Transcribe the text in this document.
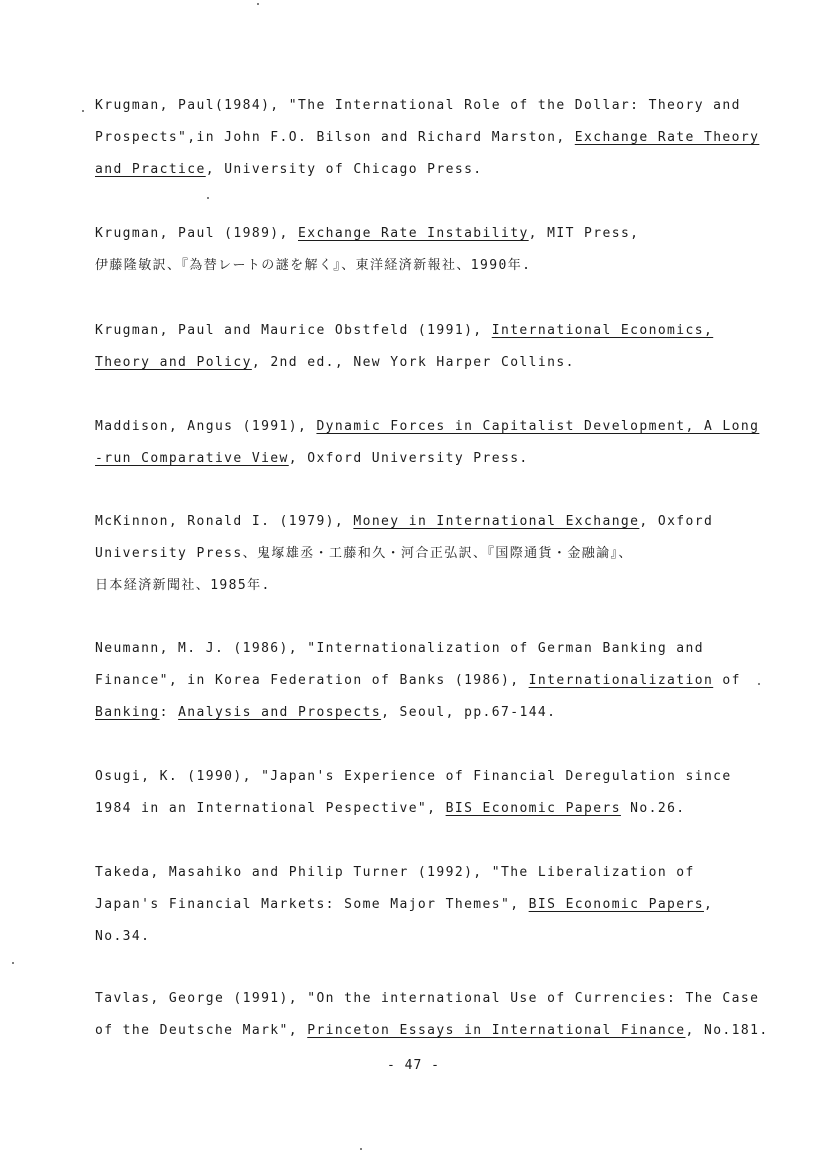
Krugman, Paul(1984), "The International Role of the Dollar: Theory and
Prospects",in John F.O. Bilson and Richard Marston, Exchange Rate Theory
and Practice, University of Chicago Press.
Krugman, Paul (1989), Exchange Rate Instability, MIT Press,
伊藤隆敏訳、『為替レートの謎を解く』、東洋経済新報社、1990年.
Krugman, Paul and Maurice Obstfeld (1991), International Economics,
Theory and Policy, 2nd ed., New York Harper Collins.
Maddison, Angus (1991), Dynamic Forces in Capitalist Development, A Long
-run Comparative View, Oxford University Press.
McKinnon, Ronald I. (1979), Money in International Exchange, Oxford
University Press、鬼塚雄丞・工藤和久・河合正弘訳、『国際通貨・金融論』、
日本経済新聞社、1985年.
Neumann, M. J. (1986), "Internationalization of German Banking and
Finance", in Korea Federation of Banks (1986), Internationalization of
Banking: Analysis and Prospects, Seoul, pp.67-144.
Osugi, K. (1990), "Japan's Experience of Financial Deregulation since
1984 in an International Pespective", BIS Economic Papers No.26.
Takeda, Masahiko and Philip Turner (1992), "The Liberalization of
Japan's Financial Markets: Some Major Themes", BIS Economic Papers,
No.34.
Tavlas, George (1991), "On the international Use of Currencies: The Case
of the Deutsche Mark", Princeton Essays in International Finance, No.181.
- 47 -
